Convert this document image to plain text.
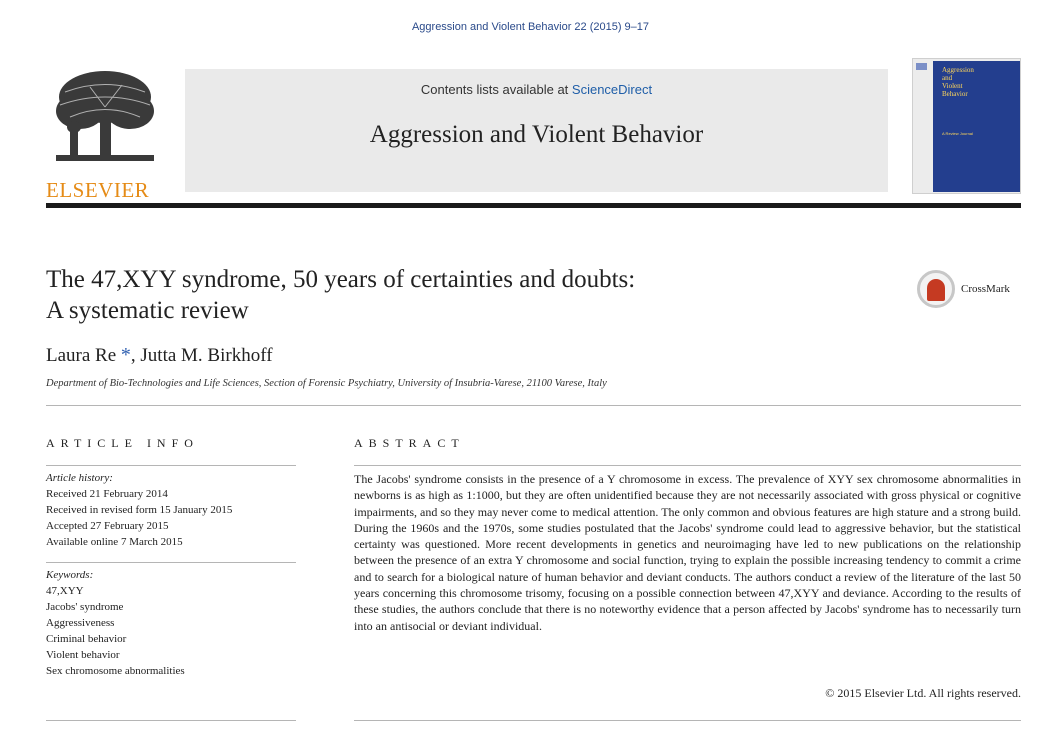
Aggression and Violent Behavior 22 (2015) 9–17
ELSEVIER
Contents lists available at ScienceDirect
Aggression and Violent Behavior
Aggression
and
Violent
Behavior
A Review Journal
The 47,XYY syndrome, 50 years of certainties and doubts:
A systematic review
CrossMark
Laura Re *, Jutta M. Birkhoff
Department of Bio-Technologies and Life Sciences, Section of Forensic Psychiatry, University of Insubria-Varese, 21100 Varese, Italy
ARTICLE INFO	ABSTRACT
Article history:
Received 21 February 2014
Received in revised form 15 January 2015
Accepted 27 February 2015
Available online 7 March 2015
Keywords:
47,XYY
Jacobs' syndrome
Aggressiveness
Criminal behavior
Violent behavior
Sex chromosome abnormalities
The Jacobs' syndrome consists in the presence of a Y chromosome in excess. The prevalence of XYY sex chromosome abnormalities in newborns is as high as 1:1000, but they are often unidentified because they are not necessarily associated with gross physical or cognitive impairments, and so they may never come to medical attention. The only common and obvious features are high stature and a strong build. During the 1960s and the 1970s, some studies postulated that the Jacobs' syndrome could lead to aggressive behavior, but the statistical certainty was questioned. More recent developments in genetics and neuroimaging have led to new publications on the relationship between the presence of an extra Y chromosome and social function, trying to explain the possible increasing tendency to commit a crime and to search for a biological nature of human behavior and deviant conducts. The authors conduct a review of the literature of the last 50 years concerning this chromosome trisomy, focusing on a possible connection between 47,XYY and deviance. According to the results of these studies, the authors conclude that there is no noteworthy evidence that a person affected by Jacobs' syndrome has to necessarily turn into an antisocial or deviant individual.
© 2015 Elsevier Ltd. All rights reserved.
